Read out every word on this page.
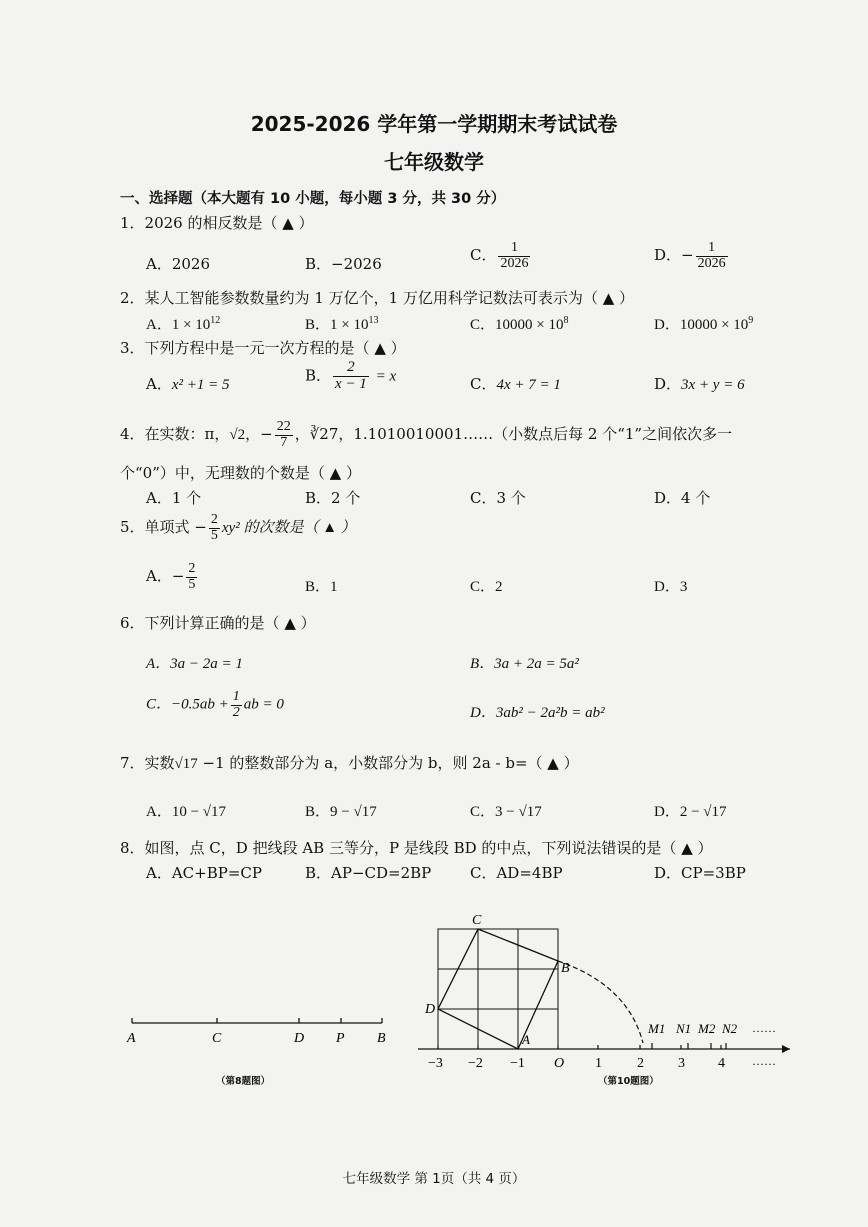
2025-2026 学年第一学期期末考试试卷
七年级数学
一、选择题（本大题有 10 小题，每小题 3 分，共 30 分）
1．2026 的相反数是（ ▲ ）
A．2026	B．−2026	C． $\frac{1}{2026}$	D．− $\frac{1}{2026}$
2．某人工智能参数数量约为 1 万亿个，1 万亿用科学记数法可表示为（ ▲ ）
A．$1 \times 10^{12}$	B．$1 \times 10^{13}$	C．$10000 \times 10^8$	D．$10000 \times 10^9$
3．下列方程中是一元一次方程的是（ ▲ ）
A．x² +1 = 5
B． $\frac{2}{x - 1} = x$	C．4x + 7 = 1	D．3x + y = 6
4．在实数：π，√2，− $\frac{22}{7}$ ，∛27，1.1010010001……（小数点后每 2 个“1”之间依次多一
个“0”）中，无理数的个数是（ ▲ ）
A．1 个	B．2 个	C．3 个	D．4 个
5．单项式 − $\frac{2}{5} xy^2$ 的次数是（ ▲ ）
A．− $\frac{2}{5}$	B．1	C．2	D．3
6．下列计算正确的是（ ▲ ）
A．3a − 2a = 1	B．3a + 2a = 5a²
C．$-0.5ab + \frac{1}{2}$ ab = 0
D．3ab² − 2a²b = ab²
7．实数√17 −1 的整数部分为 a，小数部分为 b，则 2a - b=（ ▲ ）
A．10 − √17	B．9 − √17	C．3 − √17	D．2 − √17
8．如图，点 C，D 把线段 AB 三等分，P 是线段 BD 的中点，下列说法错误的是（ ▲ ）
A．AC+BP=CP	B．AP−CD=2BP	C．AD=4BP	D．CP=3BP
A	C	D P B
（第8题图）
C
B
D
A
M1 N1 M2 N2 ……
−3 −2 −1 O 1	2 3 4 ……
（第10题图）
七年级数学 第 1页（共 4 页）
